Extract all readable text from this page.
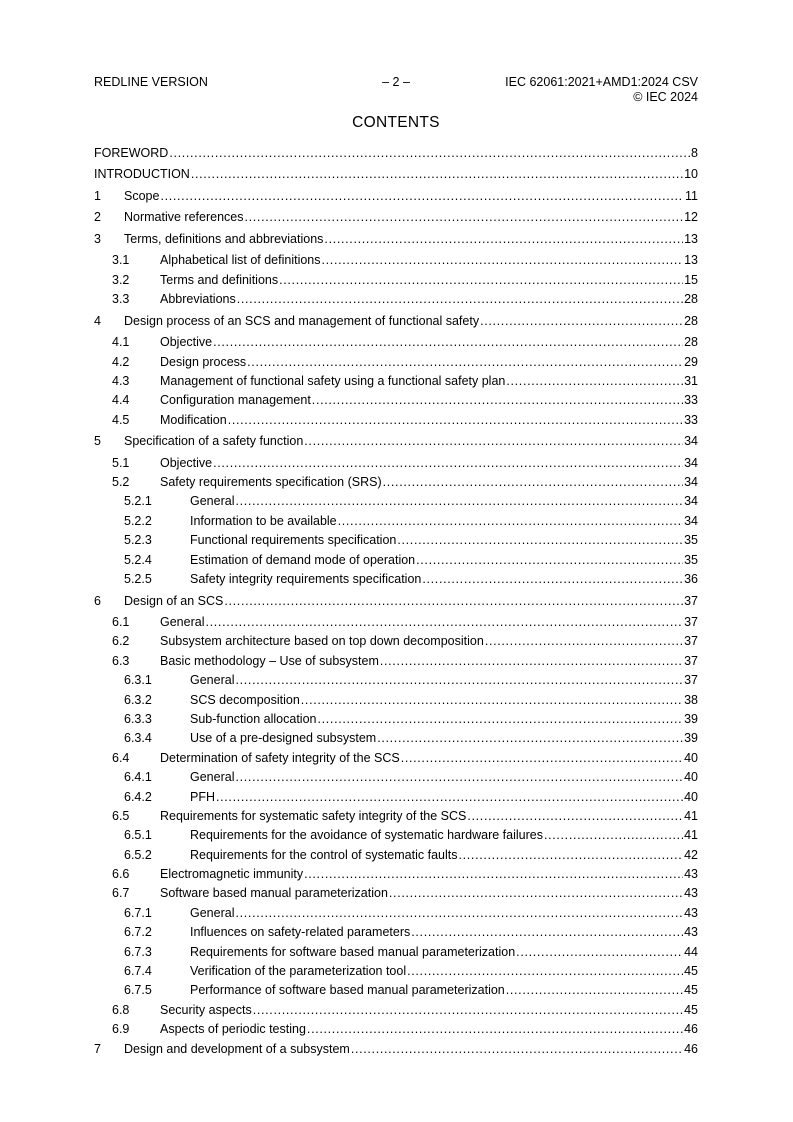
REDLINE VERSION	– 2 –	IEC 62061:2021+AMD1:2024 CSV
© IEC 2024
CONTENTS
FOREWORD . . .	8
INTRODUCTION . . .	10
1	Scope . . .	11
2	Normative references . . .	12
3	Terms, definitions and abbreviations . . .	13
3.1	Alphabetical list of definitions . . .	13
3.2	Terms and definitions . . .	15
3.3	Abbreviations . . .	28
4	Design process of an SCS and management of functional safety . . .	28
4.1	Objective . . .	28
4.2	Design process . . .	29
4.3	Management of functional safety using a functional safety plan . . .	31
4.4	Configuration management . . .	33
4.5	Modification . . .	33
5	Specification of a safety function . . .	34
5.1	Objective . . .	34
5.2	Safety requirements specification (SRS) . . .	34
5.2.1	General . . .	34
5.2.2	Information to be available . . .	34
5.2.3	Functional requirements specification . . .	35
5.2.4	Estimation of demand mode of operation . . .	35
5.2.5	Safety integrity requirements specification . . .	36
6	Design of an SCS . . .	37
6.1	General . . .	37
6.2	Subsystem architecture based on top down decomposition . . .	37
6.3	Basic methodology – Use of subsystem . . .	37
6.3.1	General . . .	37
6.3.2	SCS decomposition . . .	38
6.3.3	Sub-function allocation . . .	39
6.3.4	Use of a pre-designed subsystem . . .	39
6.4	Determination of safety integrity of the SCS . . .	40
6.4.1	General . . .	40
6.4.2	PFH . . .	40
6.5	Requirements for systematic safety integrity of the SCS . . .	41
6.5.1	Requirements for the avoidance of systematic hardware failures . . .	41
6.5.2	Requirements for the control of systematic faults . . .	42
6.6	Electromagnetic immunity . . .	43
6.7	Software based manual parameterization . . .	43
6.7.1	General . . .	43
6.7.2	Influences on safety-related parameters . . .	43
6.7.3	Requirements for software based manual parameterization . . .	44
6.7.4	Verification of the parameterization tool . . .	45
6.7.5	Performance of software based manual parameterization . . .	45
6.8	Security aspects . . .	45
6.9	Aspects of periodic testing . . .	46
7	Design and development of a subsystem . . .	46
